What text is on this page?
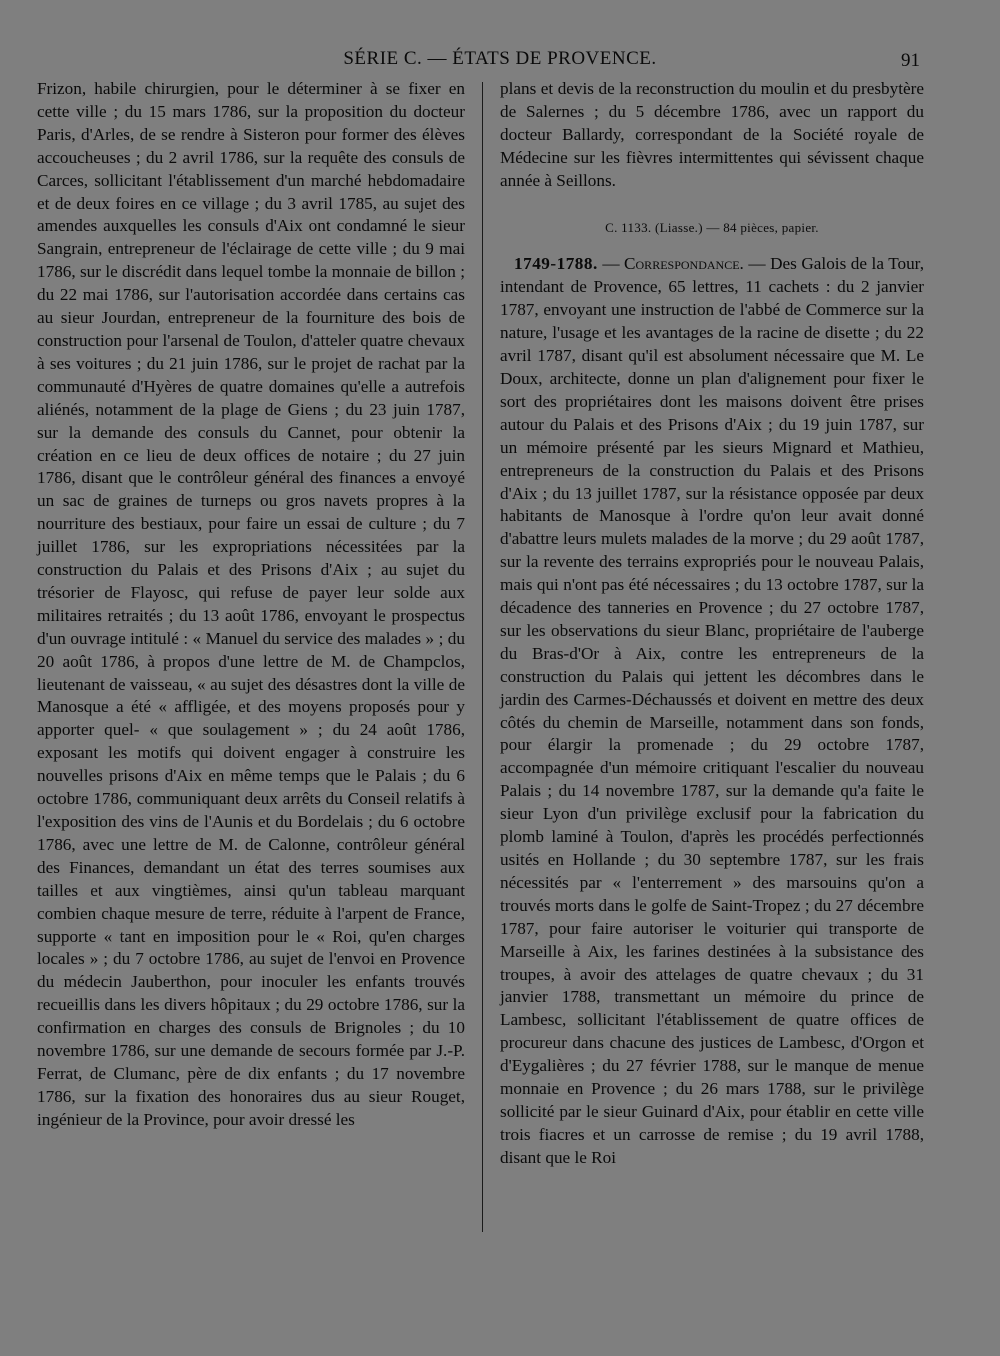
SÉRIE C. — ÉTATS DE PROVENCE.	91

Frizon, habile chirurgien, pour le déterminer à se fixer en cette ville ; du 15 mars 1786, sur la proposition du docteur Paris, d'Arles, de se rendre à Sisteron pour former des élèves accoucheuses ; du 2 avril 1786, sur la requête des consuls de Carces, sollicitant l'établissement d'un marché hebdomadaire et de deux foires en ce village ; du 3 avril 1785, au sujet des amendes auxquelles les consuls d'Aix ont condamné le sieur Sangrain, entrepreneur de l'éclairage de cette ville ; du 9 mai 1786, sur le discrédit dans lequel tombe la monnaie de billon ; du 22 mai 1786, sur l'autorisation accordée dans certains cas au sieur Jourdan, entrepreneur de la fourniture des bois de construction pour l'arsenal de Toulon, d'atteler quatre chevaux à ses voitures ; du 21 juin 1786, sur le projet de rachat par la communauté d'Hyères de quatre domaines qu'elle a autrefois aliénés, notamment de la plage de Giens ; du 23 juin 1787, sur la demande des consuls du Cannet, pour obtenir la création en ce lieu de deux offices de notaire ; du 27 juin 1786, disant que le contrôleur général des finances a envoyé un sac de graines de turneps ou gros navets propres à la nourriture des bestiaux, pour faire un essai de culture ; du 7 juillet 1786, sur les expropriations nécessitées par la construction du Palais et des Prisons d'Aix ; au sujet du trésorier de Flayosc, qui refuse de payer leur solde aux militaires retraités ; du 13 août 1786, envoyant le prospectus d'un ouvrage intitulé : « Manuel du service des malades » ; du 20 août 1786, à propos d'une lettre de M. de Champclos, lieutenant de vaisseau, « au sujet des désastres dont la ville de Manosque a été « affligée, et des moyens proposés pour y apporter quel- « que soulagement » ; du 24 août 1786, exposant les motifs qui doivent engager à construire les nouvelles prisons d'Aix en même temps que le Palais ; du 6 octobre 1786, communiquant deux arrêts du Conseil relatifs à l'exposition des vins de l'Aunis et du Bordelais ; du 6 octobre 1786, avec une lettre de M. de Calonne, contrôleur général des Finances, demandant un état des terres soumises aux tailles et aux vingtièmes, ainsi qu'un tableau marquant combien chaque mesure de terre, réduite à l'arpent de France, supporte « tant en imposition pour le « Roi, qu'en charges locales » ; du 7 octobre 1786, au sujet de l'envoi en Provence du médecin Jauberthon, pour inoculer les enfants trouvés recueillis dans les divers hôpitaux ; du 29 octobre 1786, sur la confirmation en charges des consuls de Brignoles ; du 10 novembre 1786, sur une demande de secours formée par J.-P. Ferrat, de Clumanc, père de dix enfants ; du 17 novembre 1786, sur la fixation des honoraires dus au sieur Rouget, ingénieur de la Province, pour avoir dressé les

plans et devis de la reconstruction du moulin et du presbytère de Salernes ; du 5 décembre 1786, avec un rapport du docteur Ballardy, correspondant de la Société royale de Médecine sur les fièvres intermittentes qui sévissent chaque année à Seillons.

C. 1133. (Liasse.) — 84 pièces, papier.

1749-1788. — Correspondance. — Des Galois de la Tour, intendant de Provence, 65 lettres, 11 cachets : du 2 janvier 1787, envoyant une instruction de l'abbé de Commerce sur la nature, l'usage et les avantages de la racine de disette ; du 22 avril 1787, disant qu'il est absolument nécessaire que M. Le Doux, architecte, donne un plan d'alignement pour fixer le sort des propriétaires dont les maisons doivent être prises autour du Palais et des Prisons d'Aix ; du 19 juin 1787, sur un mémoire présenté par les sieurs Mignard et Mathieu, entrepreneurs de la construction du Palais et des Prisons d'Aix ; du 13 juillet 1787, sur la résistance opposée par deux habitants de Manosque à l'ordre qu'on leur avait donné d'abattre leurs mulets malades de la morve ; du 29 août 1787, sur la revente des terrains expropriés pour le nouveau Palais, mais qui n'ont pas été nécessaires ; du 13 octobre 1787, sur la décadence des tanneries en Provence ; du 27 octobre 1787, sur les observations du sieur Blanc, propriétaire de l'auberge du Bras-d'Or à Aix, contre les entrepreneurs de la construction du Palais qui jettent les décombres dans le jardin des Carmes-Déchaussés et doivent en mettre des deux côtés du chemin de Marseille, notamment dans son fonds, pour élargir la promenade ; du 29 octobre 1787, accompagnée d'un mémoire critiquant l'escalier du nouveau Palais ; du 14 novembre 1787, sur la demande qu'a faite le sieur Lyon d'un privilège exclusif pour la fabrication du plomb laminé à Toulon, d'après les procédés perfectionnés usités en Hollande ; du 30 septembre 1787, sur les frais nécessités par « l'enterrement » des marsouins qu'on a trouvés morts dans le golfe de Saint-Tropez ; du 27 décembre 1787, pour faire autoriser le voiturier qui transporte de Marseille à Aix, les farines destinées à la subsistance des troupes, à avoir des attelages de quatre chevaux ; du 31 janvier 1788, transmettant un mémoire du prince de Lambesc, sollicitant l'établissement de quatre offices de procureur dans chacune des justices de Lambesc, d'Orgon et d'Eygalières ; du 27 février 1788, sur le manque de menue monnaie en Provence ; du 26 mars 1788, sur le privilège sollicité par le sieur Guinard d'Aix, pour établir en cette ville trois fiacres et un carrosse de remise ; du 19 avril 1788, disant que le Roi
